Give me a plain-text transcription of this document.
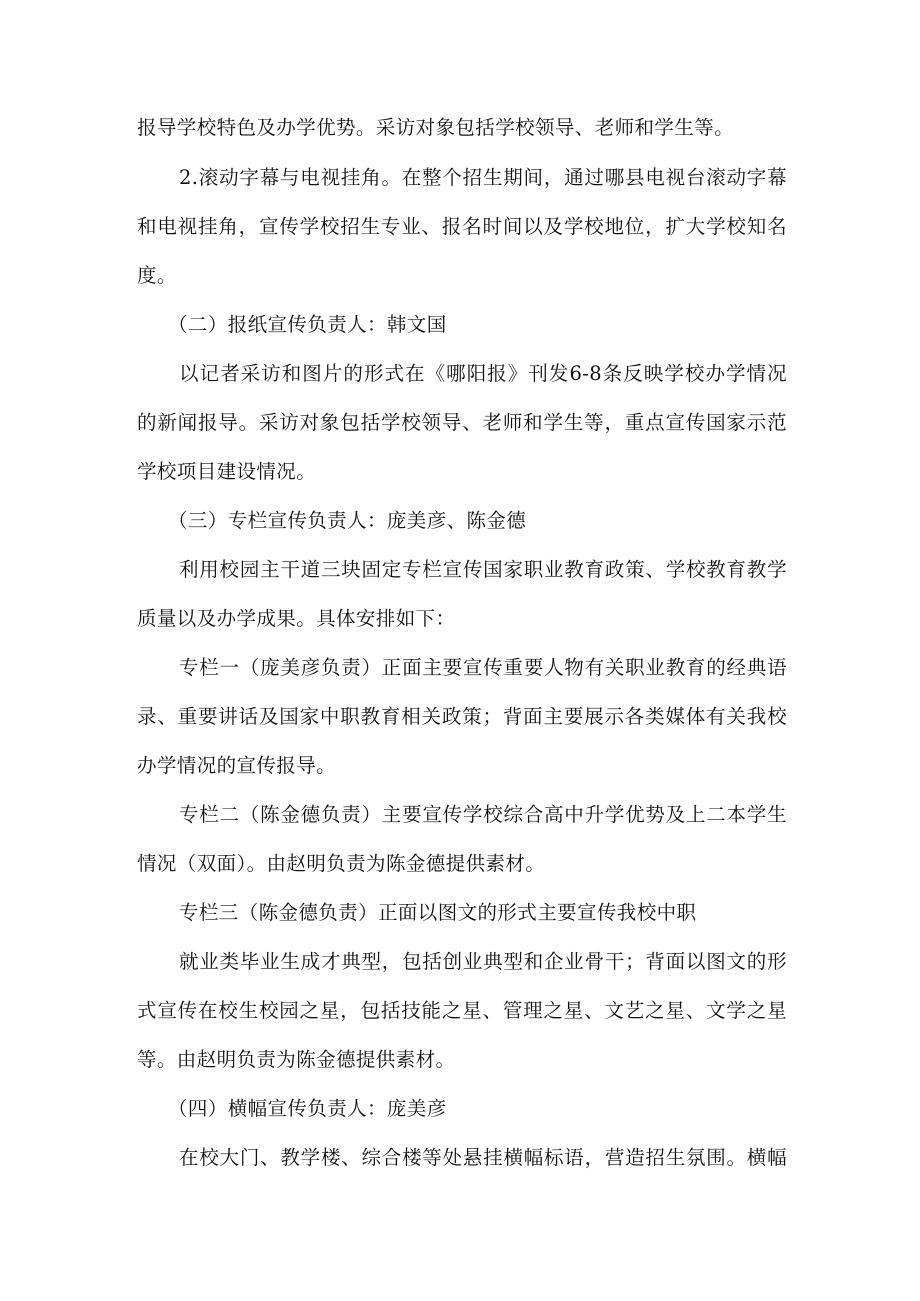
报导学校特色及办学优势。采访对象包括学校领导、老师和学生等。
2.滚动字幕与电视挂角。在整个招生期间，通过哪县电视台滚动字幕
和电视挂角，宣传学校招生专业、报名时间以及学校地位，扩大学校知名
度。
（二）报纸宣传负责人：韩文国
以记者采访和图片的形式在《哪阳报》刊发6-8条反映学校办学情况
的新闻报导。采访对象包括学校领导、老师和学生等，重点宣传国家示范
学校项目建设情况。
（三）专栏宣传负责人：庞美彦、陈金德
利用校园主干道三块固定专栏宣传国家职业教育政策、学校教育教学
质量以及办学成果。具体安排如下：
专栏一（庞美彦负责）正面主要宣传重要人物有关职业教育的经典语
录、重要讲话及国家中职教育相关政策；背面主要展示各类媒体有关我校
办学情况的宣传报导。
专栏二（陈金德负责）主要宣传学校综合高中升学优势及上二本学生
情况（双面）。由赵明负责为陈金德提供素材。
专栏三（陈金德负责）正面以图文的形式主要宣传我校中职
就业类毕业生成才典型，包括创业典型和企业骨干；背面以图文的形
式宣传在校生校园之星，包括技能之星、管理之星、文艺之星、文学之星
等。由赵明负责为陈金德提供素材。
（四）横幅宣传负责人：庞美彦
在校大门、教学楼、综合楼等处悬挂横幅标语，营造招生氛围。横幅
